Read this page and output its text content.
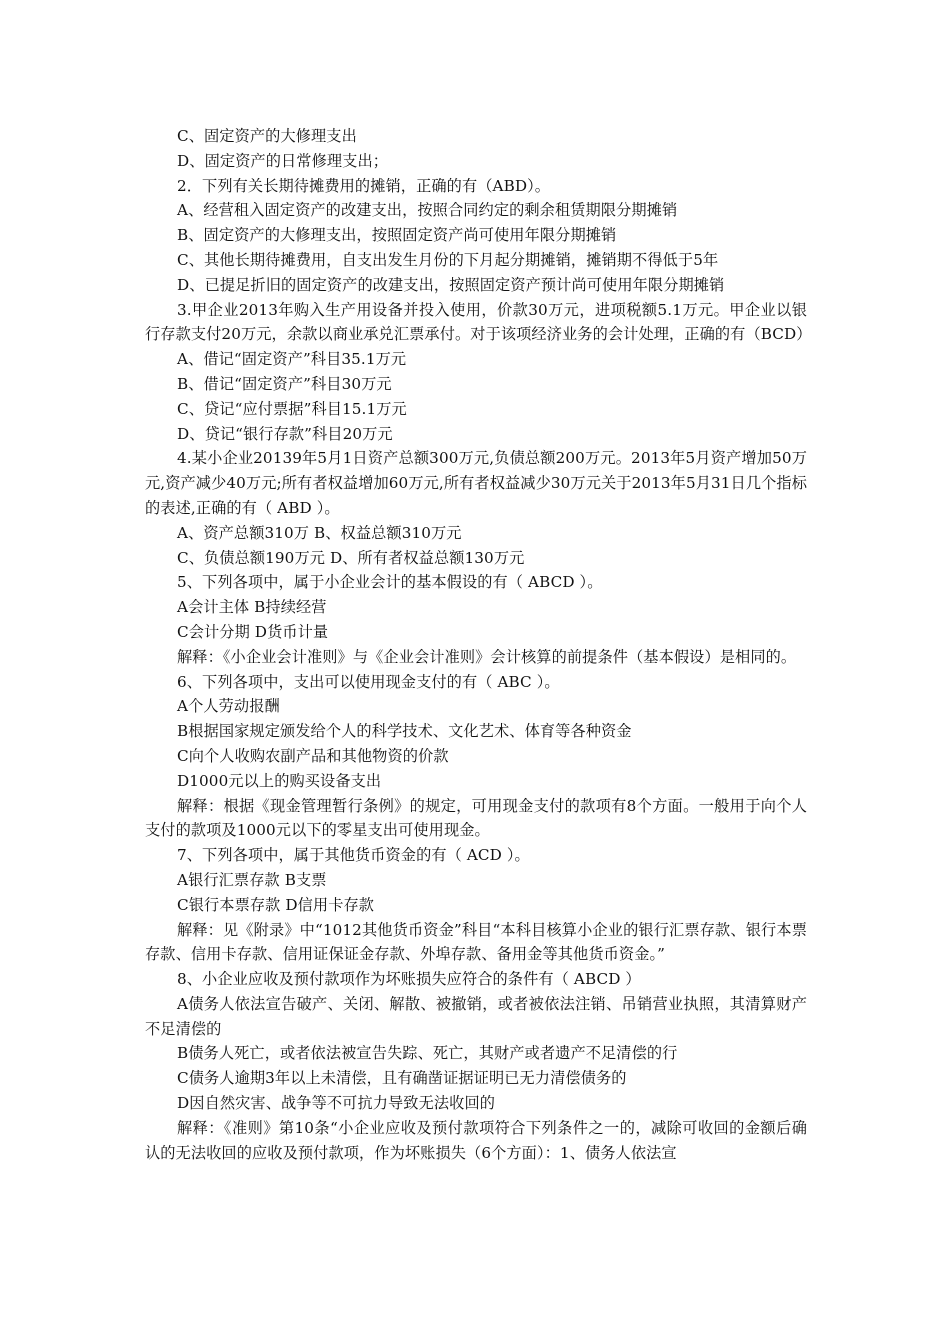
C、固定资产的大修理支出

D、固定资产的日常修理支出；

2．下列有关长期待摊费用的摊销，正确的有（ABD）。

A、经营租入固定资产的改建支出，按照合同约定的剩余租赁期限分期摊销

B、固定资产的大修理支出，按照固定资产尚可使用年限分期摊销

C、其他长期待摊费用，自支出发生月份的下月起分期摊销，摊销期不得低于5年

D、已提足折旧的固定资产的改建支出，按照固定资产预计尚可使用年限分期摊销

3.甲企业2013年购入生产用设备并投入使用，价款30万元，进项税额5.1万元。甲企业以银行存款支付20万元，余款以商业承兑汇票承付。对于该项经济业务的会计处理，正确的有（BCD）

A、借记“固定资产”科目35.1万元

B、借记“固定资产”科目30万元

C、贷记“应付票据”科目15.1万元

D、贷记“银行存款”科目20万元

4.某小企业20139年5月1日资产总额300万元,负债总额200万元。2013年5月资产增加50万元,资产减少40万元;所有者权益增加60万元,所有者权益减少30万元关于2013年5月31日几个指标的表述,正确的有（ ABD ）。

A、资产总额310万 B、权益总额310万元

C、负债总额190万元 D、所有者权益总额130万元

5、下列各项中，属于小企业会计的基本假设的有（ ABCD ）。

A会计主体 B持续经营

C会计分期 D货币计量

解释：《小企业会计准则》与《企业会计准则》会计核算的前提条件（基本假设）是相同的。

6、下列各项中，支出可以使用现金支付的有（ ABC ）。

A个人劳动报酬

B根据国家规定颁发给个人的科学技术、文化艺术、体育等各种资金

C向个人收购农副产品和其他物资的价款

D1000元以上的购买设备支出

解释：根据《现金管理暂行条例》的规定，可用现金支付的款项有8个方面。一般用于向个人支付的款项及1000元以下的零星支出可使用现金。

7、下列各项中，属于其他货币资金的有（ ACD ）。

A银行汇票存款 B支票

C银行本票存款 D信用卡存款

解释：见《附录》中“1012其他货币资金”科目“本科目核算小企业的银行汇票存款、银行本票存款、信用卡存款、信用证保证金存款、外埠存款、备用金等其他货币资金。”

8、小企业应收及预付款项作为坏账损失应符合的条件有（ ABCD ）

A债务人依法宣告破产、关闭、解散、被撤销，或者被依法注销、吊销营业执照，其清算财产不足清偿的

B债务人死亡，或者依法被宣告失踪、死亡，其财产或者遗产不足清偿的行

C债务人逾期3年以上未清偿，且有确凿证据证明已无力清偿债务的

D因自然灾害、战争等不可抗力导致无法收回的

解释：《准则》第10条“小企业应收及预付款项符合下列条件之一的，减除可收回的金额后确认的无法收回的应收及预付款项，作为坏账损失（6个方面）：1、债务人依法宣
